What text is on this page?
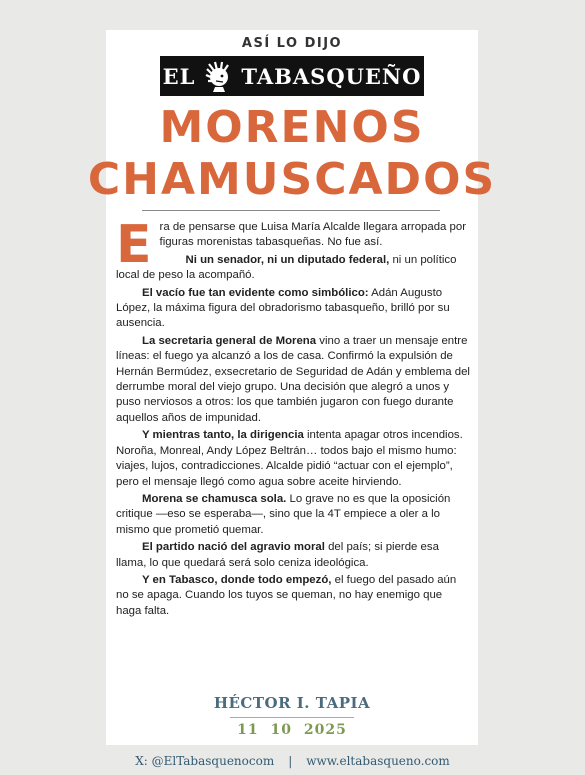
ASÍ LO DIJO
EL TABASQUEÑO
MORENOS
CHAMUSCADOS

Era de pensarse que Luisa María Alcalde llegara arropada por figuras morenistas tabasqueñas. No fue así.

Ni un senador, ni un diputado federal, ni un político local de peso la acompañó.

El vacío fue tan evidente como simbólico: Adán Augusto López, la máxima figura del obradorismo tabasqueño, brilló por su ausencia.

La secretaria general de Morena vino a traer un mensaje entre líneas: el fuego ya alcanzó a los de casa. Confirmó la expulsión de Hernán Bermúdez, exsecretario de Seguridad de Adán y emblema del derrumbe moral del viejo grupo. Una decisión que alegró a unos y puso nerviosos a otros: los que también jugaron con fuego durante aquellos años de impunidad.

Y mientras tanto, la dirigencia intenta apagar otros incendios. Noroña, Monreal, Andy López Beltrán… todos bajo el mismo humo: viajes, lujos, contradicciones. Alcalde pidió “actuar con el ejemplo”, pero el mensaje llegó como agua sobre aceite hirviendo.

Morena se chamusca sola. Lo grave no es que la oposición critique —eso se esperaba—, sino que la 4T empiece a oler a lo mismo que prometió quemar.

El partido nació del agravio moral del país; si pierde esa llama, lo que quedará será solo ceniza ideológica.

Y en Tabasco, donde todo empezó, el fuego del pasado aún no se apaga. Cuando los tuyos se queman, no hay enemigo que haga falta.

HÉCTOR I. TAPIA
11 10 2025
X: @ElTabasquenocom | www.eltabasqueno.com
